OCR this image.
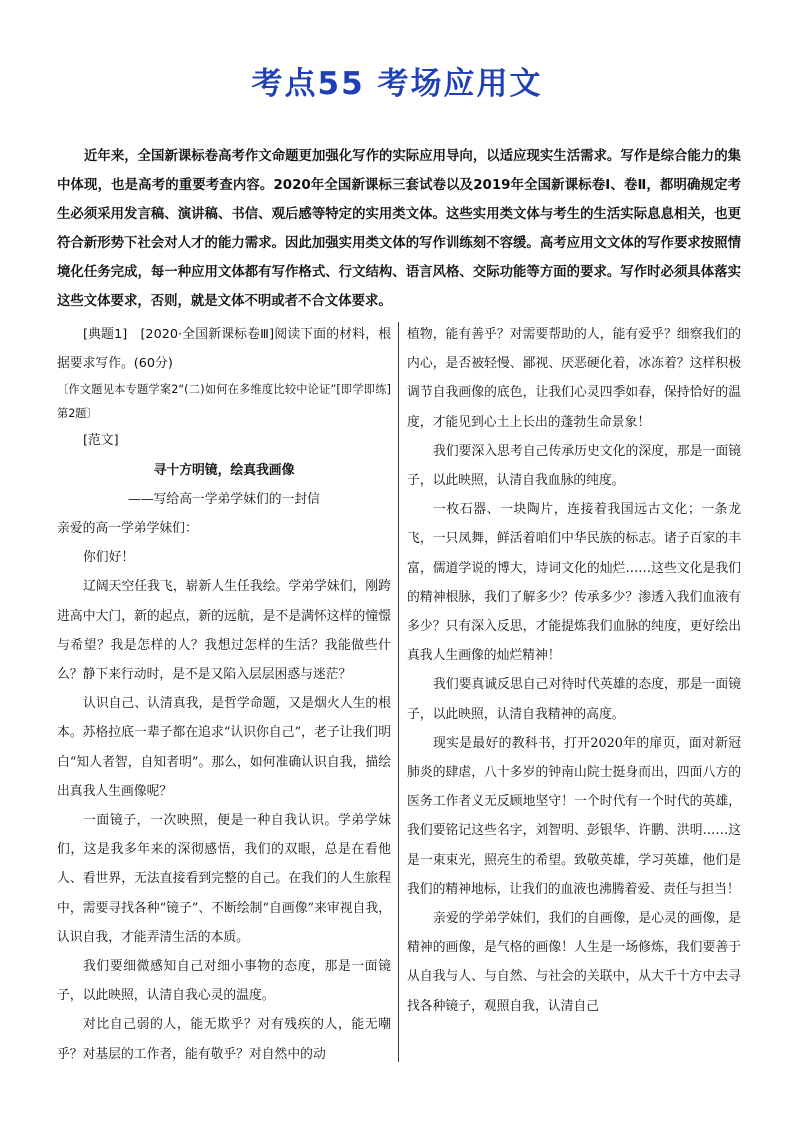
考点55 考场应用文

近年来，全国新课标卷高考作文命题更加强化写作的实际应用导向，以适应现实生活需求。写作是综合能力的集中体现，也是高考的重要考查内容。2020年全国新课标三套试卷以及2019年全国新课标卷Ⅰ、卷Ⅱ，都明确规定考生必须采用发言稿、演讲稿、书信、观后感等特定的实用类文体。这些实用类文体与考生的生活实际息息相关，也更符合新形势下社会对人才的能力需求。因此加强实用类文体的写作训练刻不容缓。高考应用文文体的写作要求按照情境化任务完成，每一种应用文体都有写作格式、行文结构、语言风格、交际功能等方面的要求。写作时必须具体落实这些文体要求，否则，就是文体不明或者不合文体要求。

[典题1]　[2020·全国新课标卷Ⅲ]阅读下面的材料，根据要求写作。(60分)

〔作文题见本专题学案2“(二)如何在多维度比较中论证”[即学即练]第2题〕

[范文]

寻十方明镜，绘真我画像

——写给高一学弟学妹们的一封信

亲爱的高一学弟学妹们：

你们好！

辽阔天空任我飞，崭新人生任我绘。学弟学妹们，刚跨进高中大门，新的起点，新的远航，是不是满怀这样的憧憬与希望？我是怎样的人？我想过怎样的生活？我能做些什么？静下来行动时，是不是又陷入层层困惑与迷茫？

认识自己、认清真我，是哲学命题，又是烟火人生的根本。苏格拉底一辈子都在追求“认识你自己”，老子让我们明白“知人者智，自知者明”。那么，如何准确认识自我，描绘出真我人生画像呢？

一面镜子，一次映照，便是一种自我认识。学弟学妹们，这是我多年来的深彻感悟，我们的双眼，总是在看他人、看世界，无法直接看到完整的自己。在我们的人生旅程中，需要寻找各种“镜子”、不断绘制“自画像”来审视自我，认识自我，才能弄清生活的本质。

我们要细微感知自己对细小事物的态度，那是一面镜子，以此映照，认清自我心灵的温度。

对比自己弱的人，能无欺乎？对有残疾的人，能无嘲乎？对基层的工作者，能有敬乎？对自然中的动

植物，能有善乎？对需要帮助的人，能有爱乎？细察我们的内心，是否被轻慢、鄙视、厌恶硬化着，冰冻着？这样积极调节自我画像的底色，让我们心灵四季如春，保持恰好的温度，才能见到心土上长出的蓬勃生命景象！

我们要深入思考自己传承历史文化的深度，那是一面镜子，以此映照，认清自我血脉的纯度。

一枚石器、一块陶片，连接着我国远古文化；一条龙飞，一只凤舞，鲜活着咱们中华民族的标志。诸子百家的丰富，儒道学说的博大，诗词文化的灿烂……这些文化是我们的精神根脉，我们了解多少？传承多少？渗透入我们血液有多少？只有深入反思，才能提炼我们血脉的纯度，更好绘出真我人生画像的灿烂精神！

我们要真诚反思自己对待时代英雄的态度，那是一面镜子，以此映照，认清自我精神的高度。

现实是最好的教科书，打开2020年的扉页，面对新冠肺炎的肆虐，八十多岁的钟南山院士挺身而出，四面八方的医务工作者义无反顾地坚守！一个时代有一个时代的英雄，我们要铭记这些名字，刘智明、彭银华、许鹏、洪明……这是一束束光，照亮生的希望。致敬英雄，学习英雄，他们是我们的精神地标，让我们的血液也沸腾着爱、责任与担当！

亲爱的学弟学妹们，我们的自画像，是心灵的画像，是精神的画像，是气格的画像！人生是一场修炼，我们要善于从自我与人、与自然、与社会的关联中，从大千十方中去寻找各种镜子，观照自我，认清自己
